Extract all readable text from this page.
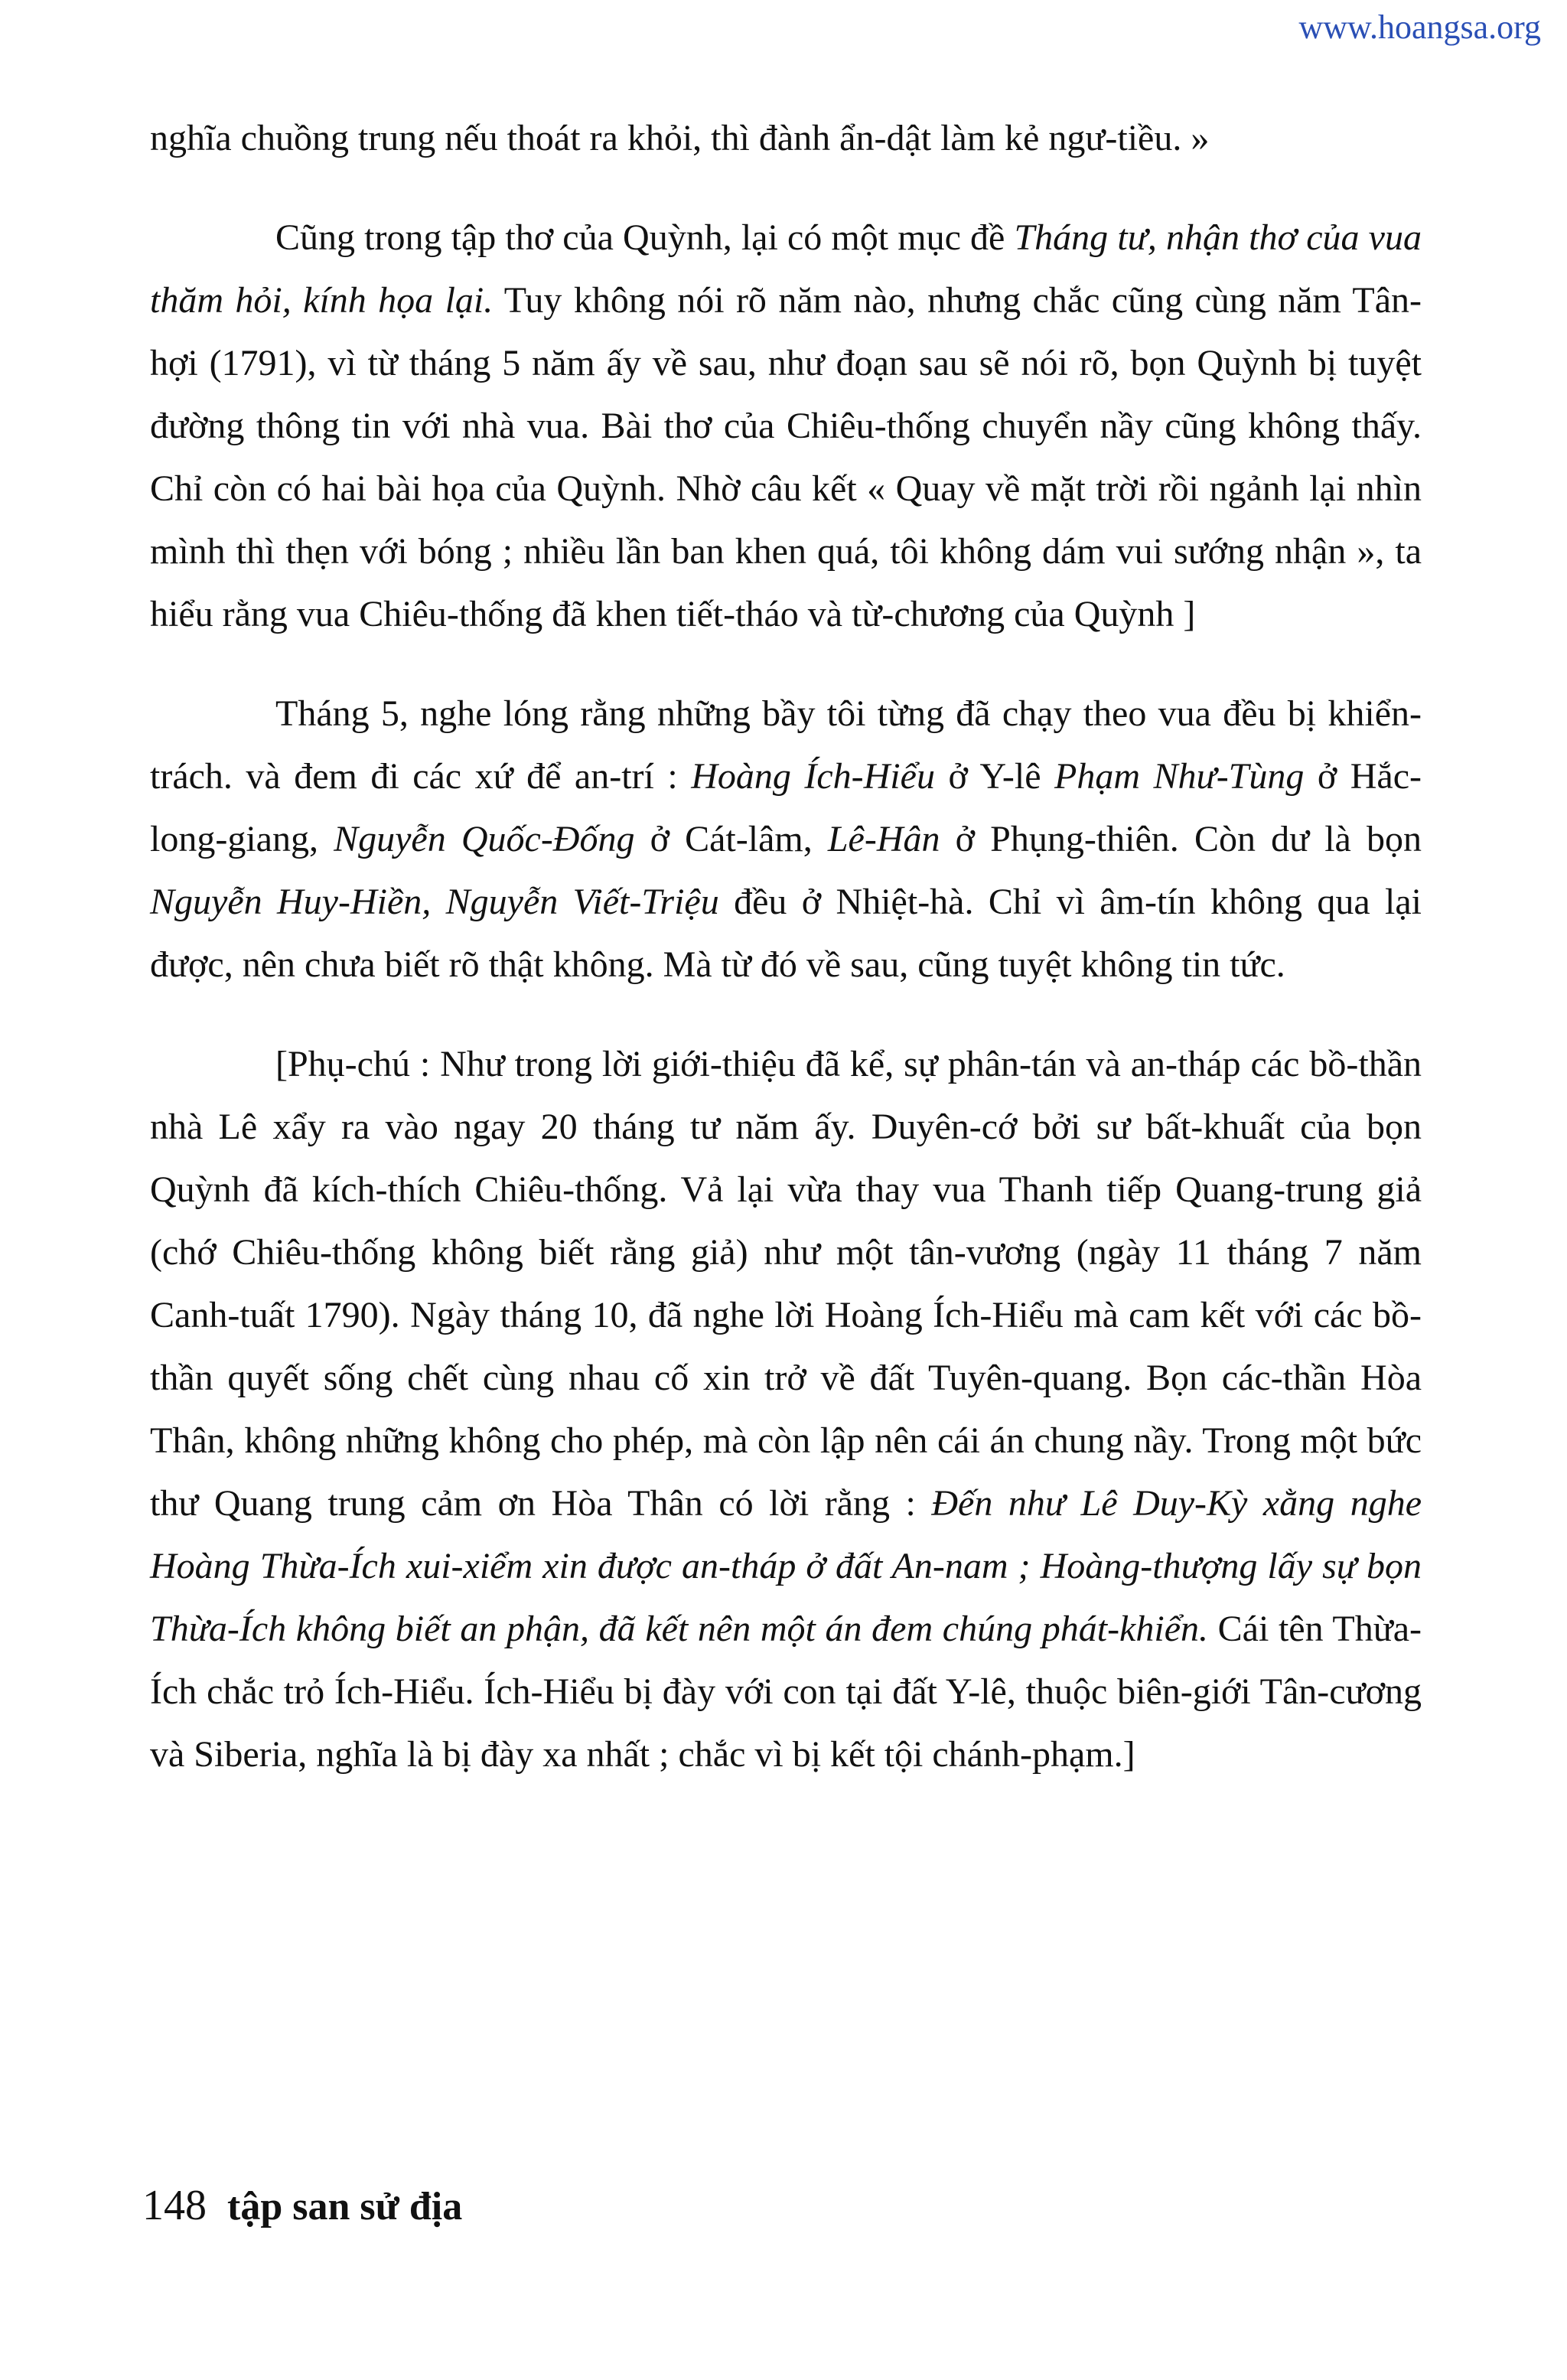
www.hoangsa.org

nghĩa chuồng trung nếu thoát ra khỏi, thì đành ẩn-dật làm kẻ ngư-tiều. »

Cũng trong tập thơ của Quỳnh, lại có một mục đề Tháng tư, nhận thơ của vua thăm hỏi, kính họa lại. Tuy không nói rõ năm nào, nhưng chắc cũng cùng năm Tân-hợi (1791), vì từ tháng 5 năm ấy về sau, như đoạn sau sẽ nói rõ, bọn Quỳnh bị tuyệt đường thông tin với nhà vua. Bài thơ của Chiêu-thống chuyển nầy cũng không thấy. Chỉ còn có hai bài họa của Quỳnh. Nhờ câu kết « Quay về mặt trời rồi ngảnh lại nhìn mình thì thẹn với bóng ; nhiều lần ban khen quá, tôi không dám vui sướng nhận », ta hiểu rằng vua Chiêu-thống đã khen tiết-tháo và từ-chương của Quỳnh ]

Tháng 5, nghe lóng rằng những bầy tôi từng đã chạy theo vua đều bị khiển-trách. và đem đi các xứ để an-trí : Hoàng Ích-Hiểu ở Y-lê Phạm Như-Tùng ở Hắc-long-giang, Nguyễn Quốc-Đống ở Cát-lâm, Lê-Hân ở Phụng-thiên. Còn dư là bọn Nguyễn Huy-Hiền, Nguyễn Viết-Triệu đều ở Nhiệt-hà. Chỉ vì âm-tín không qua lại được, nên chưa biết rõ thật không. Mà từ đó về sau, cũng tuyệt không tin tức.

[Phụ-chú : Như trong lời giới-thiệu đã kể, sự phân-tán và an-tháp các bồ-thần nhà Lê xẩy ra vào ngay 20 tháng tư năm ấy. Duyên-cớ bởi sư bất-khuất của bọn Quỳnh đã kích-thích Chiêu-thống. Vả lại vừa thay vua Thanh tiếp Quang-trung giả (chớ Chiêu-thống không biết rằng giả) như một tân-vương (ngày 11 tháng 7 năm Canh-tuất 1790). Ngày tháng 10, đã nghe lời Hoàng Ích-Hiểu mà cam kết với các bồ-thần quyết sống chết cùng nhau cố xin trở về đất Tuyên-quang. Bọn các-thần Hòa Thân, không những không cho phép, mà còn lập nên cái án chung nầy. Trong một bức thư Quang trung cảm ơn Hòa Thân có lời rằng : Đến như Lê Duy-Kỳ xằng nghe Hoàng Thừa-Ích xui-xiểm xin được an-tháp ở đất An-nam ; Hoàng-thượng lấy sự bọn Thừa-Ích không biết an phận, đã kết nên một án đem chúng phát-khiển. Cái tên Thừa-Ích chắc trỏ Ích-Hiểu. Ích-Hiểu bị đày với con tại đất Y-lê, thuộc biên-giới Tân-cương và Siberia, nghĩa là bị đày xa nhất ; chắc vì bị kết tội chánh-phạm.]

148 tập san sử địa
